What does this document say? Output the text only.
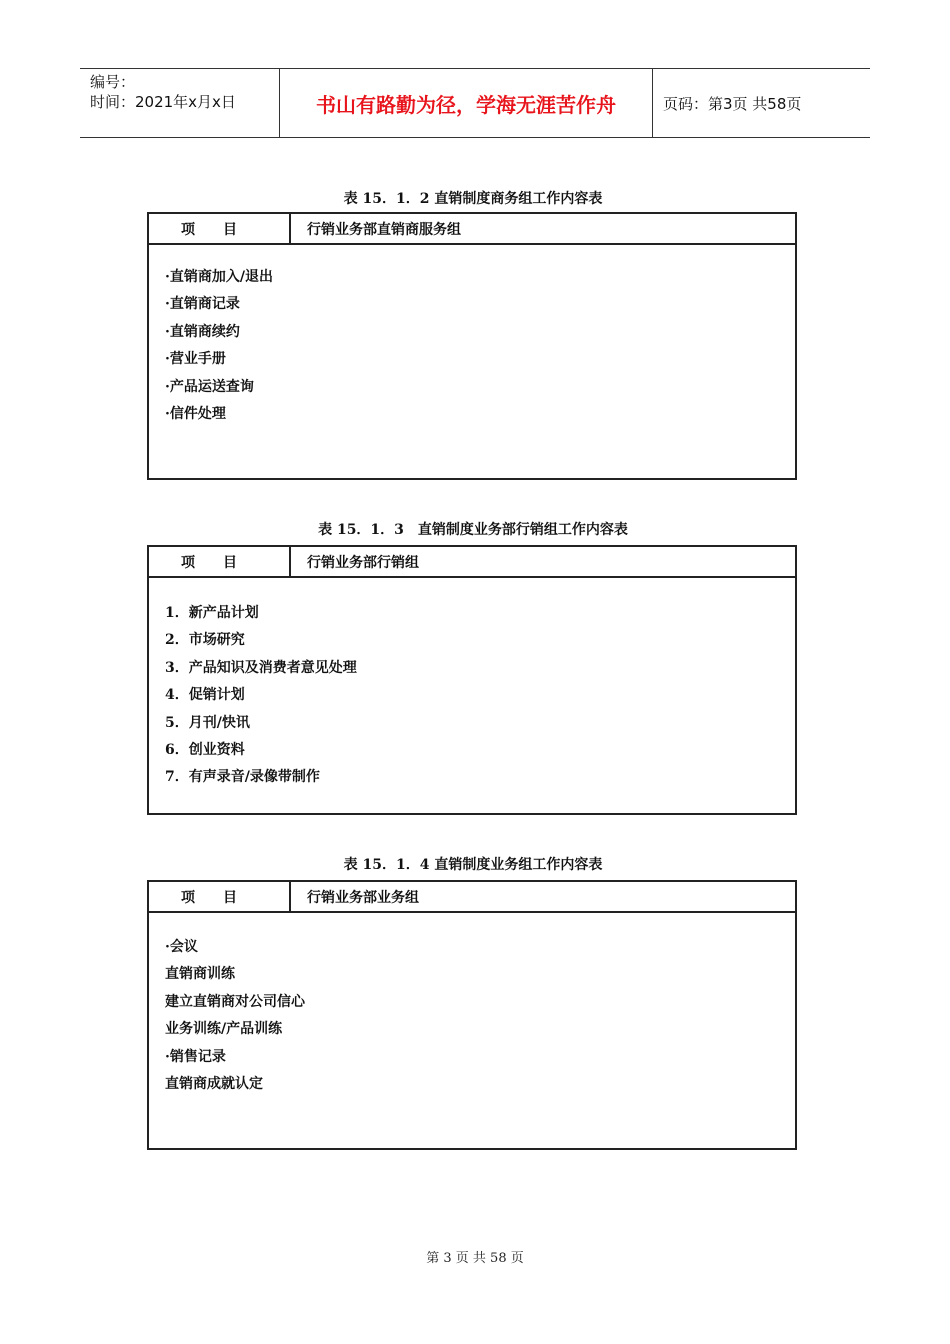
编号：
时间：2021年x月x日	书山有路勤为径，学海无涯苦作舟	页码：第3页 共58页
表 15．1．2 直销制度商务组工作内容表
项　　目	行销业务部直销商服务组
·直销商加入/退出
·直销商记录
·直销商续约
·营业手册
·产品运送查询
·信件处理
表 15．1．3　直销制度业务部行销组工作内容表
项　　目	行销业务部行销组
1．新产品计划
2．市场研究
3．产品知识及消费者意见处理
4．促销计划
5．月刊/快讯
6．创业资料
7．有声录音/录像带制作
表 15．1．4 直销制度业务组工作内容表
项　　目	行销业务部业务组
·会议
直销商训练
建立直销商对公司信心
业务训练/产品训练
·销售记录
直销商成就认定
第 3 页 共 58 页
